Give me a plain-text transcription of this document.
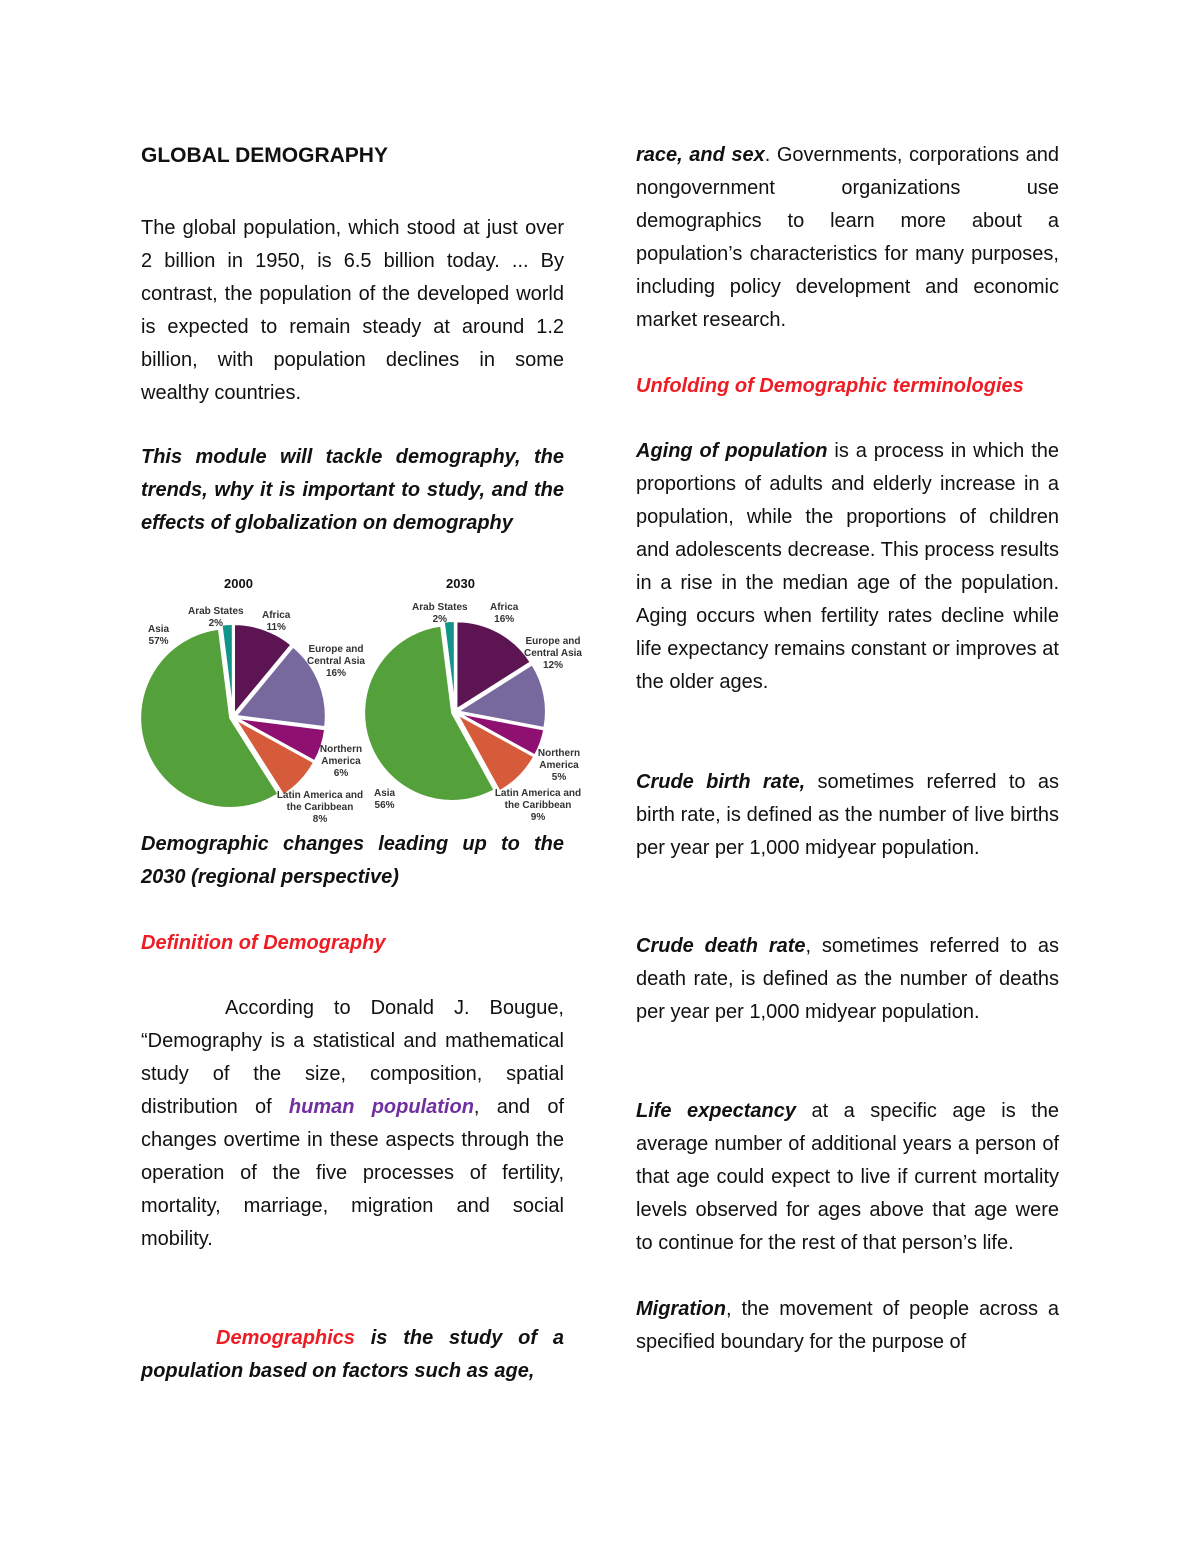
GLOBAL DEMOGRAPHY

The global population, which stood at just over 2 billion in 1950, is 6.5 billion today. ... By contrast, the population of the developed world is expected to remain steady at around 1.2 billion, with population declines in some wealthy countries.

This module will tackle demography, the trends, why it is important to study, and the effects of globalization on demography

2000	2030
Asia
57%
Arab States
2%
Africa
11%
Europe and Central Asia
16%
Northern America
6%
Latin America and the Caribbean
8%
Arab States
2%
Africa
16%
Europe and Central Asia
12%
Northern America
5%
Asia
56%
Latin America and the Caribbean
9%

Demographic changes leading up to the 2030 (regional perspective)

Definition of Demography

According to Donald J. Bougue, “Demography is a statistical and mathematical study of the size, composition, spatial distribution of human population, and of changes overtime in these aspects through the operation of the five processes of fertility, mortality, marriage, migration and social mobility.

Demographics is the study of a population based on factors such as age,

race, and sex. Governments, corporations and nongovernment organizations use demographics to learn more about a population’s characteristics for many purposes, including policy development and economic market research.

Unfolding of Demographic terminologies

Aging of population is a process in which the proportions of adults and elderly increase in a population, while the proportions of children and adolescents decrease. This process results in a rise in the median age of the population. Aging occurs when fertility rates decline while life expectancy remains constant or improves at the older ages.

Crude birth rate, sometimes referred to as birth rate, is defined as the number of live births per year per 1,000 midyear population.

Crude death rate, sometimes referred to as death rate, is defined as the number of deaths per year per 1,000 midyear population.

Life expectancy at a specific age is the average number of additional years a person of that age could expect to live if current mortality levels observed for ages above that age were to continue for the rest of that person’s life.

Migration, the movement of people across a specified boundary for the purpose of
